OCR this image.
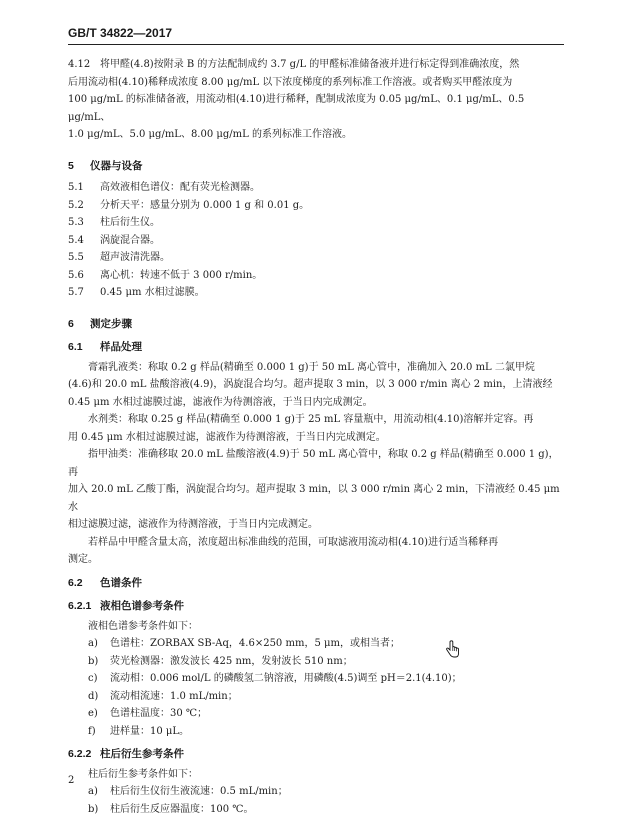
GB/T 34822—2017

4.12 将甲醛(4.8)按附录 B 的方法配制成约 3.7 g/L 的甲醛标准储备液并进行标定得到准确浓度，然
后用流动相(4.10)稀释成浓度 8.00 μg/mL 以下浓度梯度的系列标准工作溶液。或者购买甲醛浓度为
100 μg/mL 的标准储备液，用流动相(4.10)进行稀释，配制成浓度为 0.05 μg/mL、0.1 μg/mL、0.5 μg/mL、
1.0 μg/mL、5.0 μg/mL、8.00 μg/mL 的系列标准工作溶液。

5 仪器与设备

5.1 高效液相色谱仪：配有荧光检测器。

5.2 分析天平：感量分别为 0.000 1 g 和 0.01 g。

5.3 柱后衍生仪。

5.4 涡旋混合器。

5.5 超声波清洗器。

5.6 离心机：转速不低于 3 000 r/min。

5.7 0.45 μm 水相过滤膜。

6 测定步骤

6.1 样品处理

膏霜乳液类：称取 0.2 g 样品(精确至 0.000 1 g)于 50 mL 离心管中，准确加入 20.0 mL 二氯甲烷
(4.6)和 20.0 mL 盐酸溶液(4.9)，涡旋混合均匀。超声提取 3 min，以 3 000 r/min 离心 2 min，上清液经
0.45 μm 水相过滤膜过滤，滤液作为待测溶液，于当日内完成测定。

水剂类：称取 0.25 g 样品(精确至 0.000 1 g)于 25 mL 容量瓶中，用流动相(4.10)溶解并定容。再
用 0.45 μm 水相过滤膜过滤，滤液作为待测溶液，于当日内完成测定。

指甲油类：准确移取 20.0 mL 盐酸溶液(4.9)于 50 mL 离心管中，称取 0.2 g 样品(精确至 0.000 1 g)，再
加入 20.0 mL 乙酸丁酯，涡旋混合均匀。超声提取 3 min，以 3 000 r/min 离心 2 min，下清液经 0.45 μm 水
相过滤膜过滤，滤液作为待测溶液，于当日内完成测定。

若样品中甲醛含量太高，浓度超出标准曲线的范围，可取滤液用流动相(4.10)进行适当稀释再
测定。

6.2 色谱条件

6.2.1 液相色谱参考条件

液相色谱参考条件如下：

a) 色谱柱：ZORBAX SB-Aq，4.6×250 mm，5 μm，或相当者；

b) 荧光检测器：激发波长 425 nm，发射波长 510 nm；

c) 流动相：0.006 mol/L 的磷酸氢二钠溶液，用磷酸(4.5)调至 pH＝2.1(4.10)；

d) 流动相流速：1.0 mL/min；

e) 色谱柱温度：30 ℃；

f) 进样量：10 μL。

6.2.2 柱后衍生参考条件

柱后衍生参考条件如下：

a) 柱后衍生仪衍生液流速：0.5 mL/min；

b) 柱后衍生反应器温度：100 ℃。

2
